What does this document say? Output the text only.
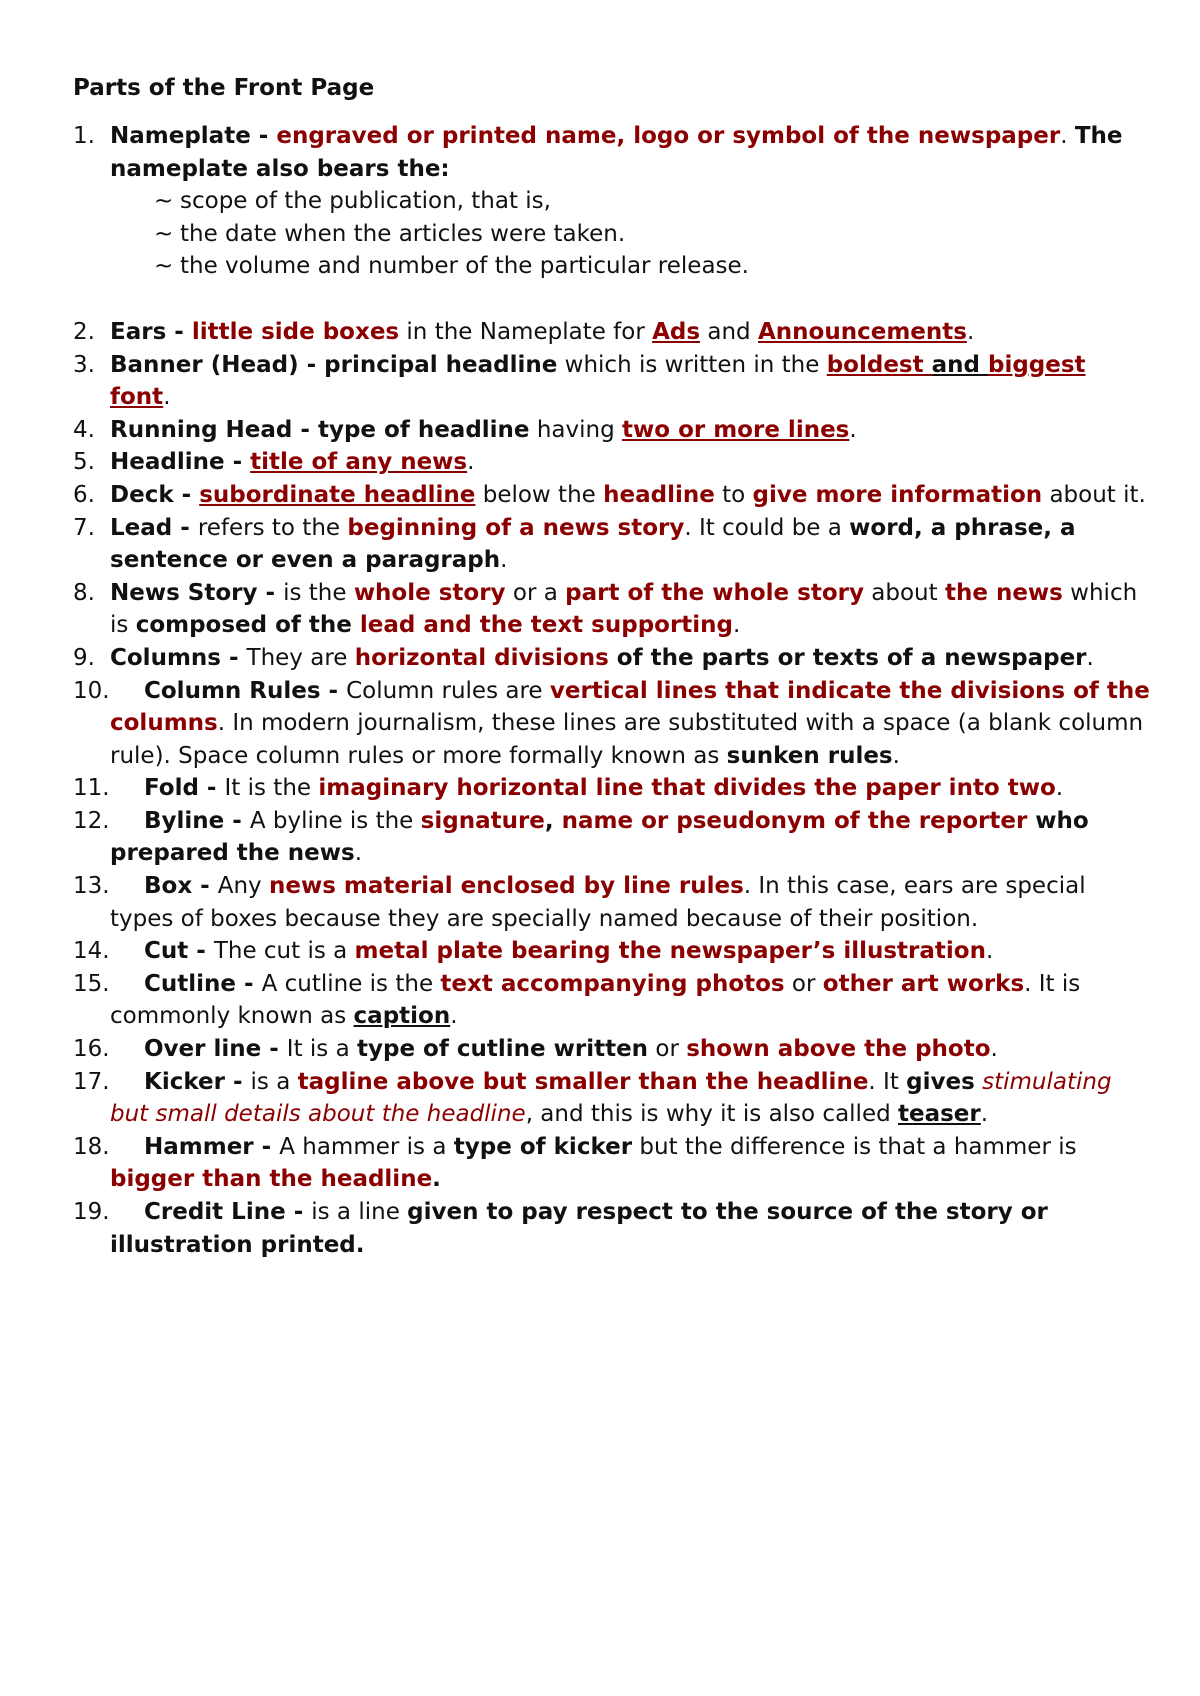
Parts of the Front Page
1. Nameplate - engraved or printed name, logo or symbol of the newspaper. The nameplate also bears the:
~ scope of the publication, that is,
~ the date when the articles were taken.
~ the volume and number of the particular release.
2. Ears - little side boxes in the Nameplate for Ads and Announcements.
3. Banner (Head) - principal headline which is written in the boldest and biggest font.
4. Running Head - type of headline having two or more lines.
5. Headline - title of any news.
6. Deck - subordinate headline below the headline to give more information about it.
7. Lead - refers to the beginning of a news story. It could be a word, a phrase, a sentence or even a paragraph.
8. News Story - is the whole story or a part of the whole story about the news which is composed of the lead and the text supporting.
9. Columns - They are horizontal divisions of the parts or texts of a newspaper.
10. Column Rules - Column rules are vertical lines that indicate the divisions of the columns. In modern journalism, these lines are substituted with a space (a blank column rule). Space column rules or more formally known as sunken rules.
11. Fold - It is the imaginary horizontal line that divides the paper into two.
12. Byline - A byline is the signature, name or pseudonym of the reporter who prepared the news.
13. Box - Any news material enclosed by line rules. In this case, ears are special types of boxes because they are specially named because of their position.
14. Cut - The cut is a metal plate bearing the newspaper’s illustration.
15. Cutline - A cutline is the text accompanying photos or other art works. It is commonly known as caption.
16. Over line - It is a type of cutline written or shown above the photo.
17. Kicker - is a tagline above but smaller than the headline. It gives stimulating but small details about the headline, and this is why it is also called teaser.
18. Hammer - A hammer is a type of kicker but the difference is that a hammer is bigger than the headline.
19. Credit Line - is a line given to pay respect to the source of the story or illustration printed.
